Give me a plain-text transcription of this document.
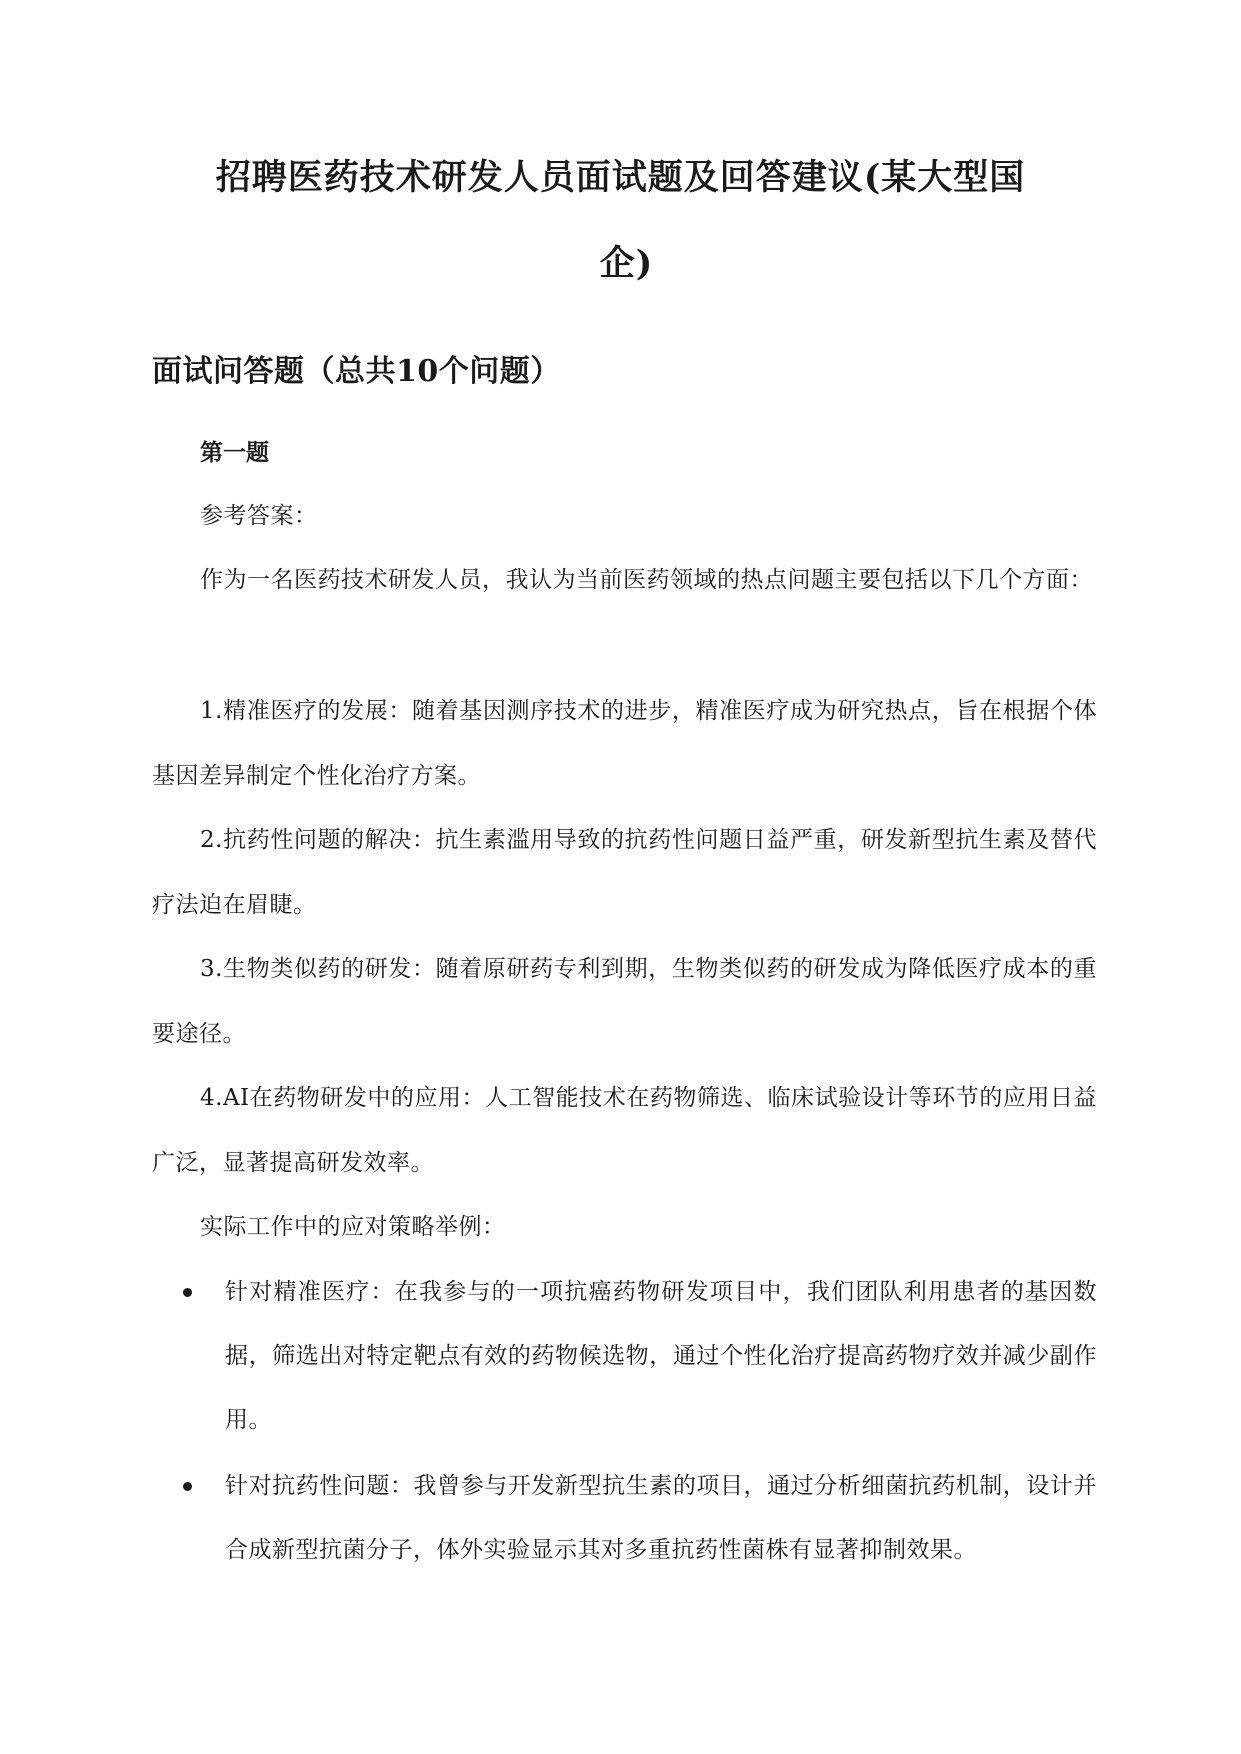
招聘医药技术研发人员面试题及回答建议(某大型国
企)
面试问答题（总共10个问题）
第一题
参考答案：
作为一名医药技术研发人员，我认为当前医药领域的热点问题主要包括以下几个方面：
1.精准医疗的发展：随着基因测序技术的进步，精准医疗成为研究热点，旨在根据个体基因差异制定个性化治疗方案。
2.抗药性问题的解决：抗生素滥用导致的抗药性问题日益严重，研发新型抗生素及替代疗法迫在眉睫。
3.生物类似药的研发：随着原研药专利到期，生物类似药的研发成为降低医疗成本的重要途径。
4.AI在药物研发中的应用：人工智能技术在药物筛选、临床试验设计等环节的应用日益广泛，显著提高研发效率。
实际工作中的应对策略举例：
针对精准医疗：在我参与的一项抗癌药物研发项目中，我们团队利用患者的基因数据，筛选出对特定靶点有效的药物候选物，通过个性化治疗提高药物疗效并减少副作用。
针对抗药性问题：我曾参与开发新型抗生素的项目，通过分析细菌抗药机制，设计并合成新型抗菌分子，体外实验显示其对多重抗药性菌株有显著抑制效果。
